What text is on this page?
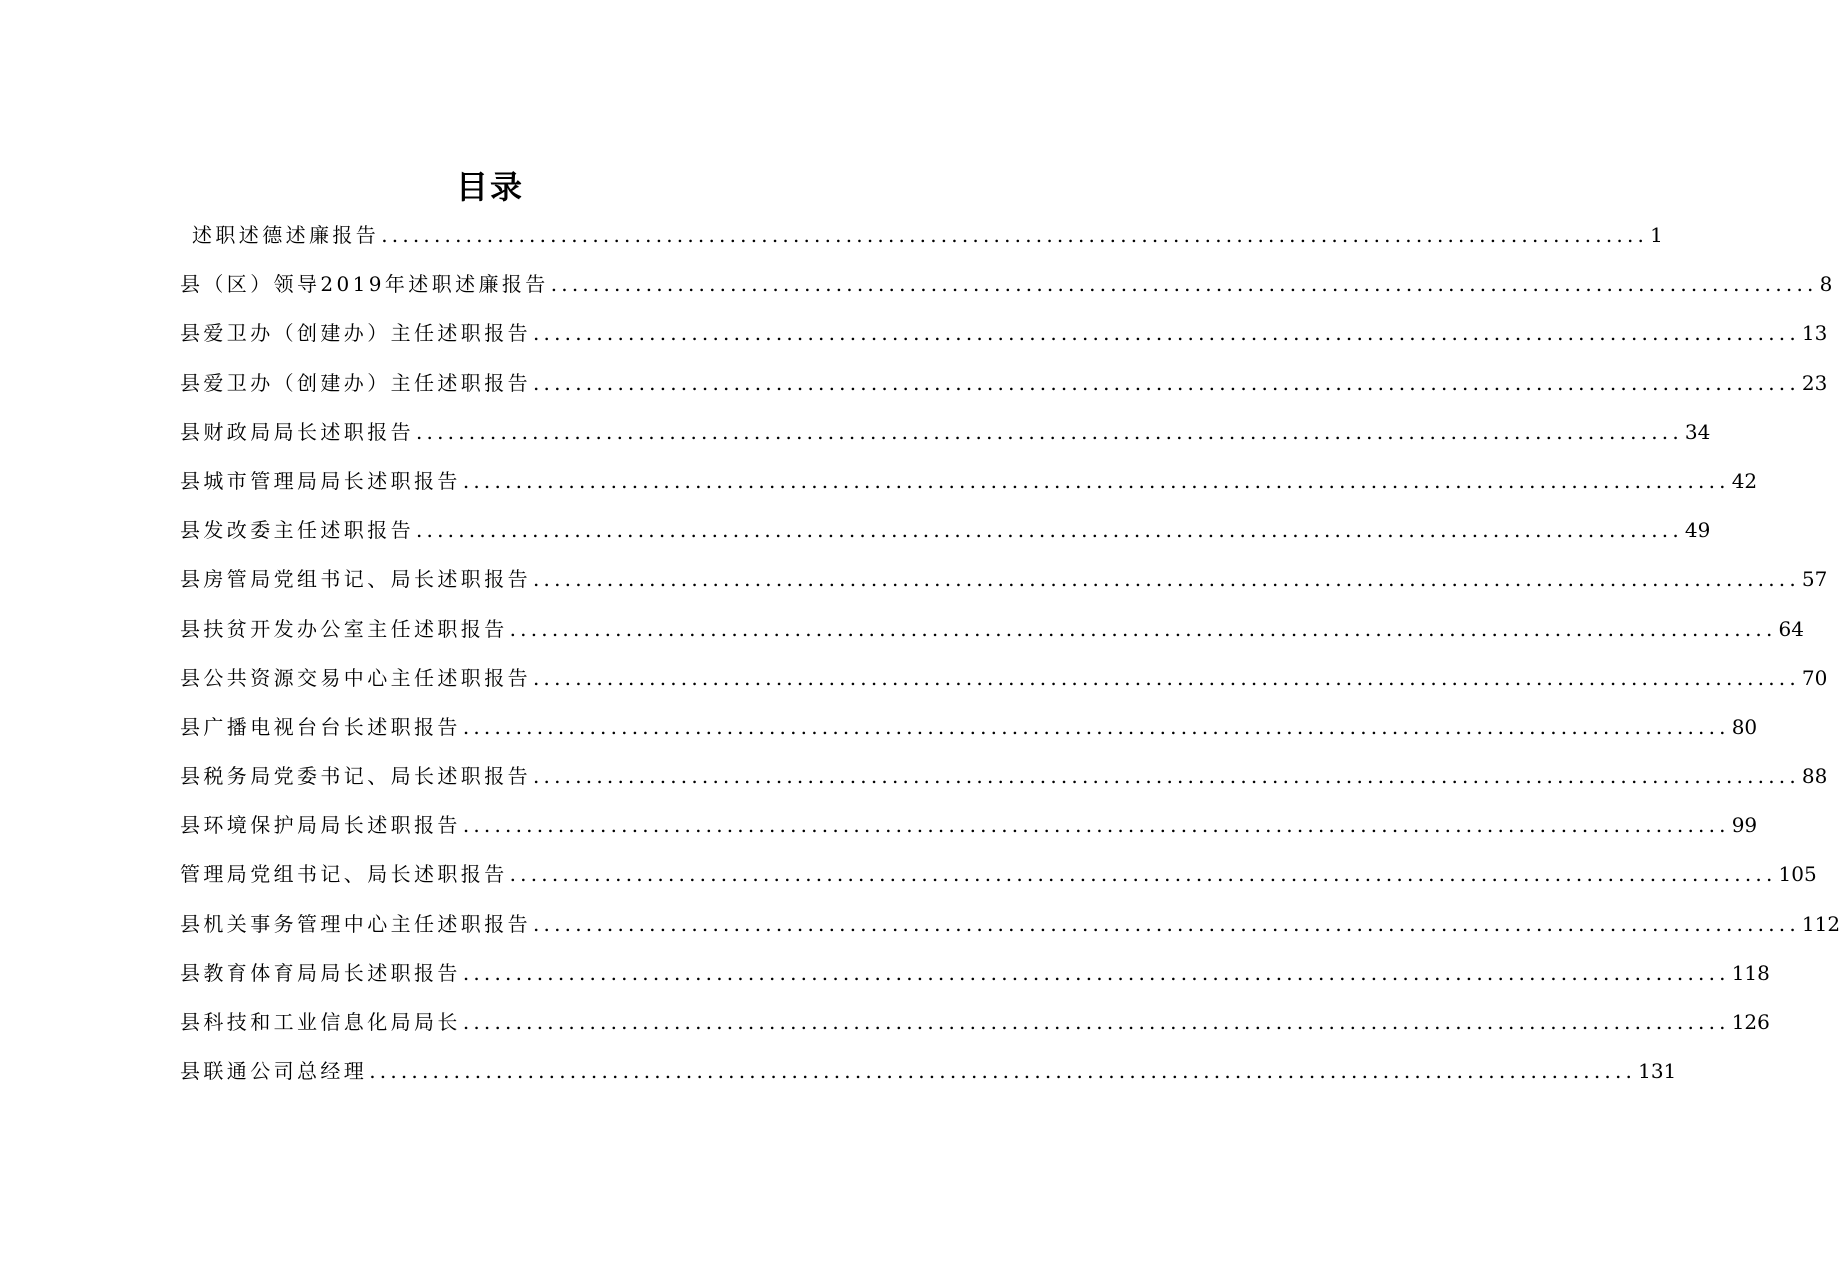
目录
述职述德述廉报告 ........................................................................................................................ 1
县（区）领导2019年述职述廉报告 ........................................................................................................................ 8
县爱卫办（创建办）主任述职报告 ........................................................................................................................ 13
县爱卫办（创建办）主任述职报告 ........................................................................................................................ 23
县财政局局长述职报告 ........................................................................................................................ 34
县城市管理局局长述职报告 ........................................................................................................................ 42
县发改委主任述职报告 ........................................................................................................................ 49
县房管局党组书记、局长述职报告 ........................................................................................................................ 57
县扶贫开发办公室主任述职报告 ........................................................................................................................ 64
县公共资源交易中心主任述职报告 ........................................................................................................................ 70
县广播电视台台长述职报告 ........................................................................................................................ 80
县税务局党委书记、局长述职报告 ........................................................................................................................ 88
县环境保护局局长述职报告 ........................................................................................................................ 99
管理局党组书记、局长述职报告 ........................................................................................................................ 105
县机关事务管理中心主任述职报告 ........................................................................................................................ 112
县教育体育局局长述职报告 ........................................................................................................................ 118
县科技和工业信息化局局长 ........................................................................................................................ 126
县联通公司总经理 ........................................................................................................................ 131
